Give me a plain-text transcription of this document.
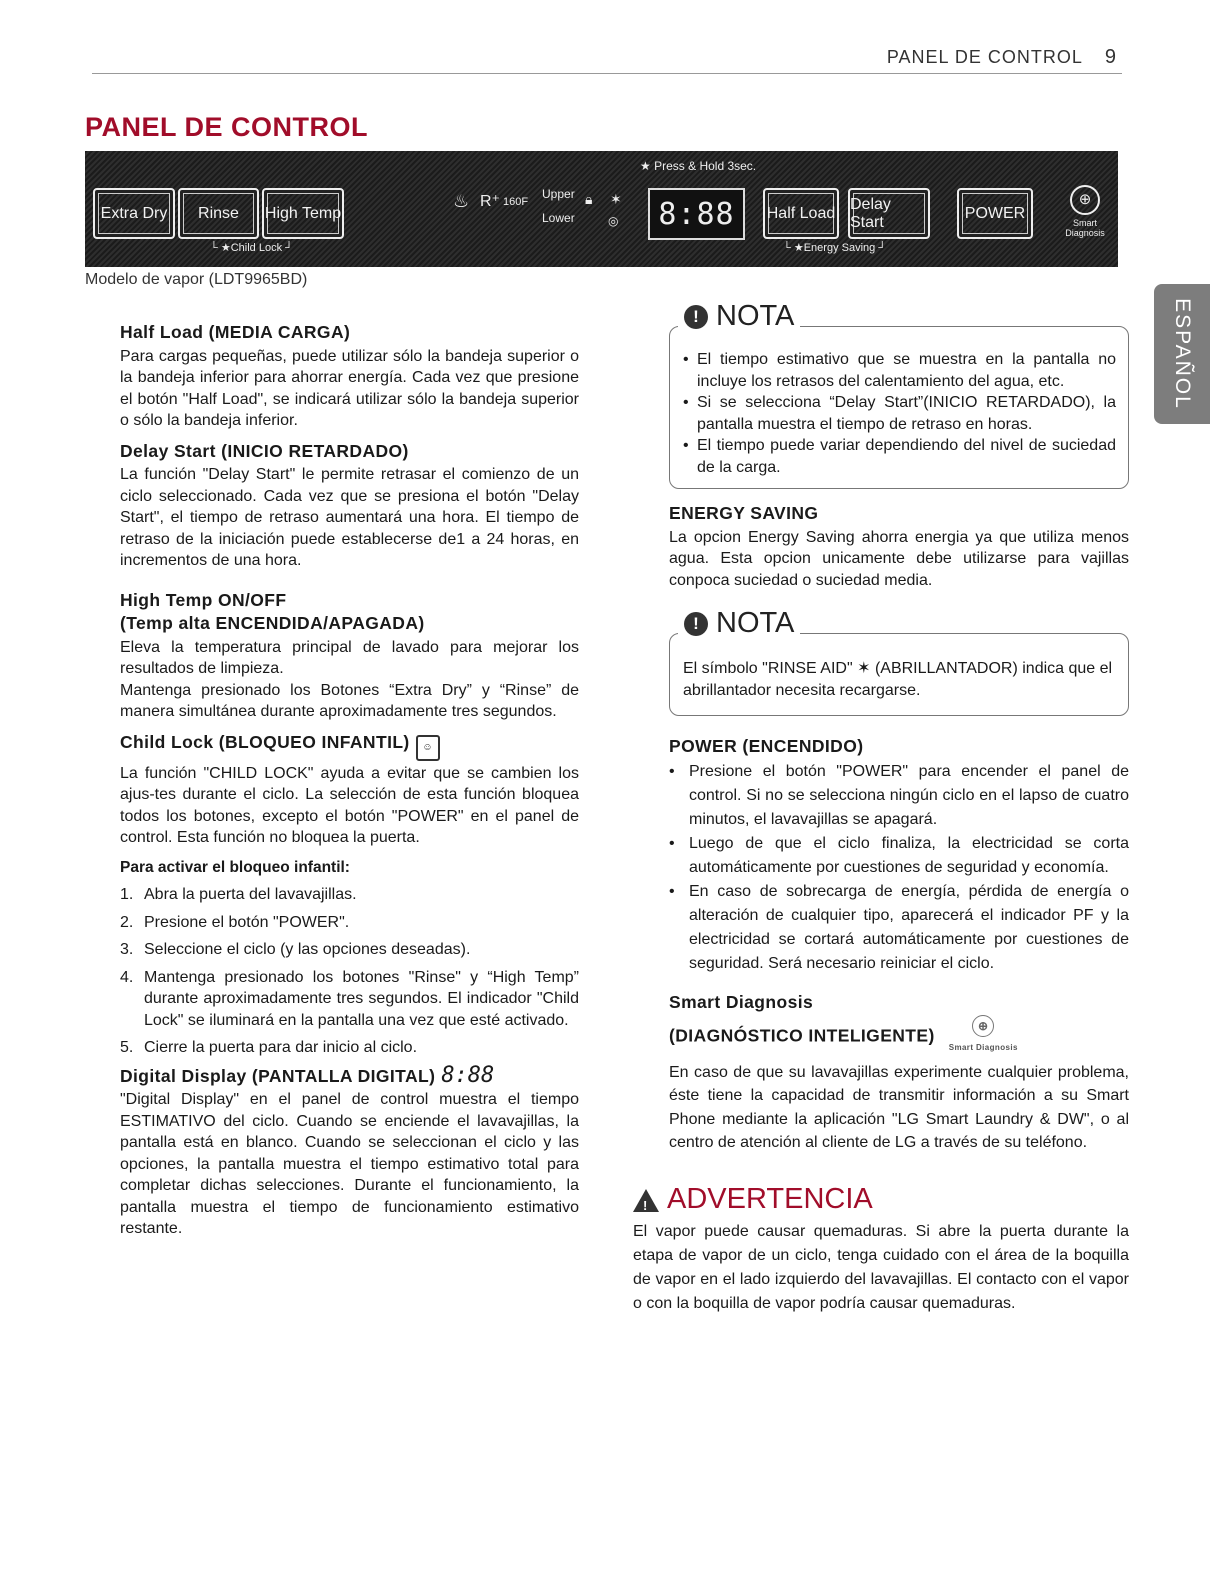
PANEL DE CONTROL 9
PANEL DE CONTROL
Extra Dry	Rinse	High Temp
└ ★Child Lock ┘
★ Press & Hold 3sec.
♨ R⁺ 160F
Upper
Lower
🔒︎ ✶
◎	8:88	Half Load
Delay Start
└ ★Energy Saving ┘
POWER
⊕
Smart Diagnosis
Modelo de vapor (LDT9965BD)
ESPAÑOL
Half Load (MEDIA CARGA)

Para cargas pequeñas, puede utilizar sólo la bandeja superior o la bandeja inferior para ahorrar energía. Cada vez que presione el botón "Half Load", se indicará utilizar sólo la bandeja superior o sólo la bandeja inferior.

Delay Start (INICIO RETARDADO)

La función "Delay Start" le permite retrasar el comienzo de un ciclo seleccionado. Cada vez que se presiona el botón "Delay Start", el tiempo de retraso aumentará una hora. El tiempo de retraso de la iniciación puede establecerse de1 a 24 horas, en incrementos de una hora.

High Temp ON/OFF
(Temp alta ENCENDIDA/APAGADA)

Eleva la temperatura principal de lavado para mejorar los resultados de limpieza.

Mantenga presionado los Botones “Extra Dry” y “Rinse” de manera simultánea durante aproximadamente tres segundos.

Child Lock (BLOQUEO INFANTIL) ☺

La función "CHILD LOCK" ayuda a evitar que se cambien los ajus-tes durante el ciclo. La selección de esta función bloquea todos los botones, excepto el botón "POWER" en el panel de control. Esta función no bloquea la puerta.

Para activar el bloqueo infantil:
1. Abra la puerta del lavavajillas.
2. Presione el botón "POWER".
3. Seleccione el ciclo (y las opciones deseadas).
4. Mantenga presionado los botones "Rinse" y “High Temp” durante aproximadamente tres segundos. El indicador "Child Lock" se iluminará en la pantalla una vez que esté activado.
5. Cierre la puerta para dar inicio al ciclo.
Digital Display (PANTALLA DIGITAL) 8:88

"Digital Display" en el panel de control muestra el tiempo ESTIMATIVO del ciclo. Cuando se enciende el lavavajillas, la pantalla está en blanco. Cuando se seleccionan el ciclo y las opciones, la pantalla muestra el tiempo estimativo total para completar dichas selecciones. Durante el funcionamiento, la pantalla muestra el tiempo de funcionamiento estimativo restante.

! NOTA
• El tiempo estimativo que se muestra en la pantalla no incluye los retrasos del calentamiento del agua, etc.
• Si se selecciona “Delay Start”(INICIO RETARDADO), la pantalla muestra el tiempo de retraso en horas.
• El tiempo puede variar dependiendo del nivel de suciedad de la carga.
ENERGY SAVING

La opcion Energy Saving ahorra energia ya que utiliza menos agua. Esta opcion unicamente debe utilizarse para vajillas conpoca suciedad o suciedad media.

! NOTA

El símbolo "RINSE AID" ✶ (ABRILLANTADOR) indica que el abrillantador necesita recargarse.

POWER (ENCENDIDO)
• Presione el botón "POWER" para encender el panel de control. Si no se selecciona ningún ciclo en el lapso de cuatro minutos, el lavavajillas se apagará.
• Luego de que el ciclo finaliza, la electricidad se corta automáticamente por cuestiones de seguridad y economía.
• En caso de sobrecarga de energía, pérdida de energía o alteración de cualquier tipo, aparecerá el indicador PF y la electricidad se cortará automáticamente por cuestiones de seguridad. Será necesario reiniciar el ciclo.
Smart Diagnosis
(DIAGNÓSTICO INTELIGENTE)	⊕
Smart Diagnosis

En caso de que su lavavajillas experimente cualquier problema, éste tiene la capacidad de transmitir información a su Smart Phone mediante la aplicación "LG Smart Laundry & DW", o al centro de atención al cliente de LG a través de su teléfono.

!
ADVERTENCIA

El vapor puede causar quemaduras. Si abre la puerta durante la etapa de vapor de un ciclo, tenga cuidado con el área de la boquilla de vapor en el lado izquierdo del lavavajillas. El contacto con el vapor o con la boquilla de vapor podría causar quemaduras.
